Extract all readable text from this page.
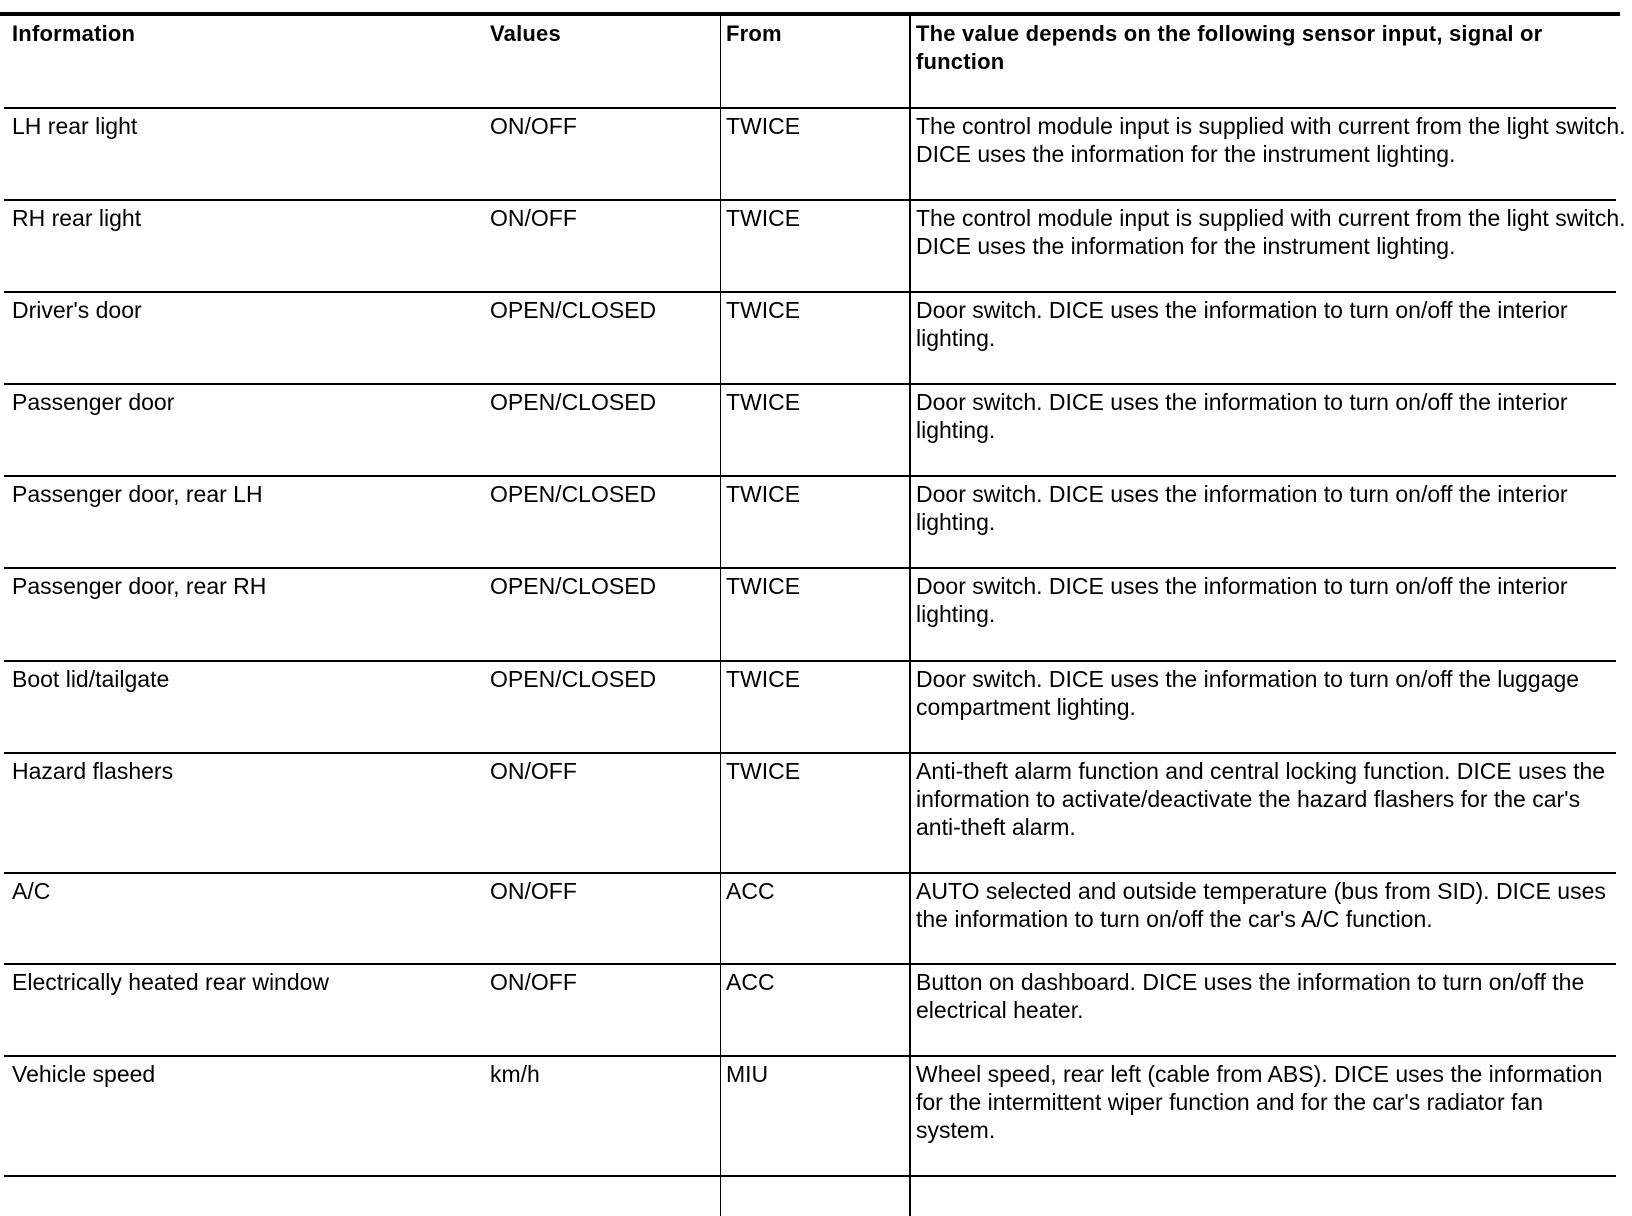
Information	Values	From	The value depends on the following sensor input, signal or function
LH rear light	ON/OFF	TWICE	The control module input is supplied with current from the light switch. DICE uses the information for the instrument lighting.
RH rear light	ON/OFF	TWICE	The control module input is supplied with current from the light switch. DICE uses the information for the instrument lighting.
Driver's door	OPEN/CLOSED	TWICE	Door switch. DICE uses the information to turn on/off the interior lighting.
Passenger door	OPEN/CLOSED	TWICE	Door switch. DICE uses the information to turn on/off the interior lighting.
Passenger door, rear LH	OPEN/CLOSED	TWICE	Door switch. DICE uses the information to turn on/off the interior lighting.
Passenger door, rear RH	OPEN/CLOSED	TWICE	Door switch. DICE uses the information to turn on/off the interior lighting.
Boot lid/tailgate	OPEN/CLOSED	TWICE	Door switch. DICE uses the information to turn on/off the luggage compartment lighting.
Hazard flashers	ON/OFF	TWICE	Anti-theft alarm function and central locking function. DICE uses the information to activate/deactivate the hazard flashers for the car's anti-theft alarm.
A/C	ON/OFF	ACC	AUTO selected and outside temperature (bus from SID). DICE uses the information to turn on/off the car's A/C function.
Electrically heated rear window	ON/OFF	ACC	Button on dashboard. DICE uses the information to turn on/off the electrical heater.
Vehicle speed	km/h	MIU	Wheel speed, rear left (cable from ABS). DICE uses the information for the intermittent wiper function and for the car's radiator fan system.
